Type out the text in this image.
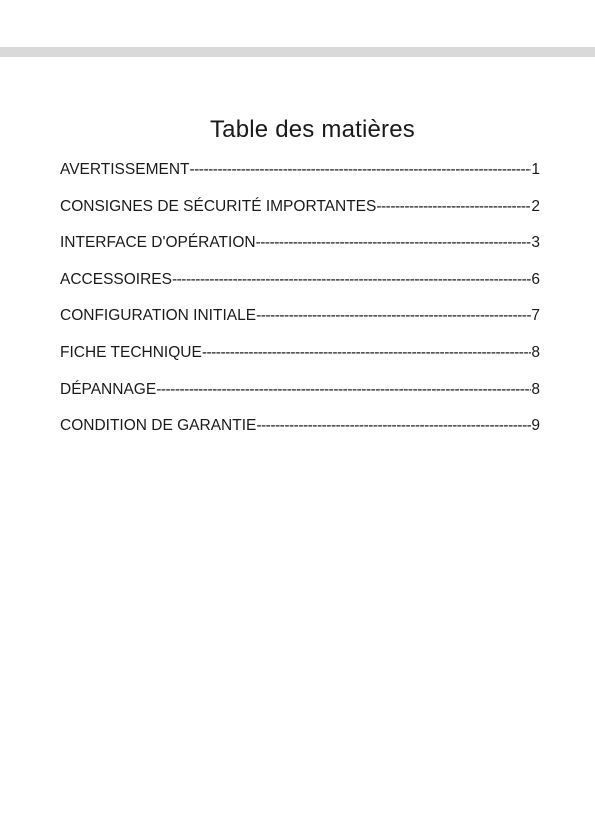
Table des matières
AVERTISSEMENT -----	1
CONSIGNES DE SÉCURITÉ IMPORTANTES -----	2
INTERFACE D'OPÉRATION -----	3
ACCESSOIRES -----	6
CONFIGURATION INITIALE -----	7
FICHE TECHNIQUE -----	8
DÉPANNAGE -----	8
CONDITION DE GARANTIE -----	9
